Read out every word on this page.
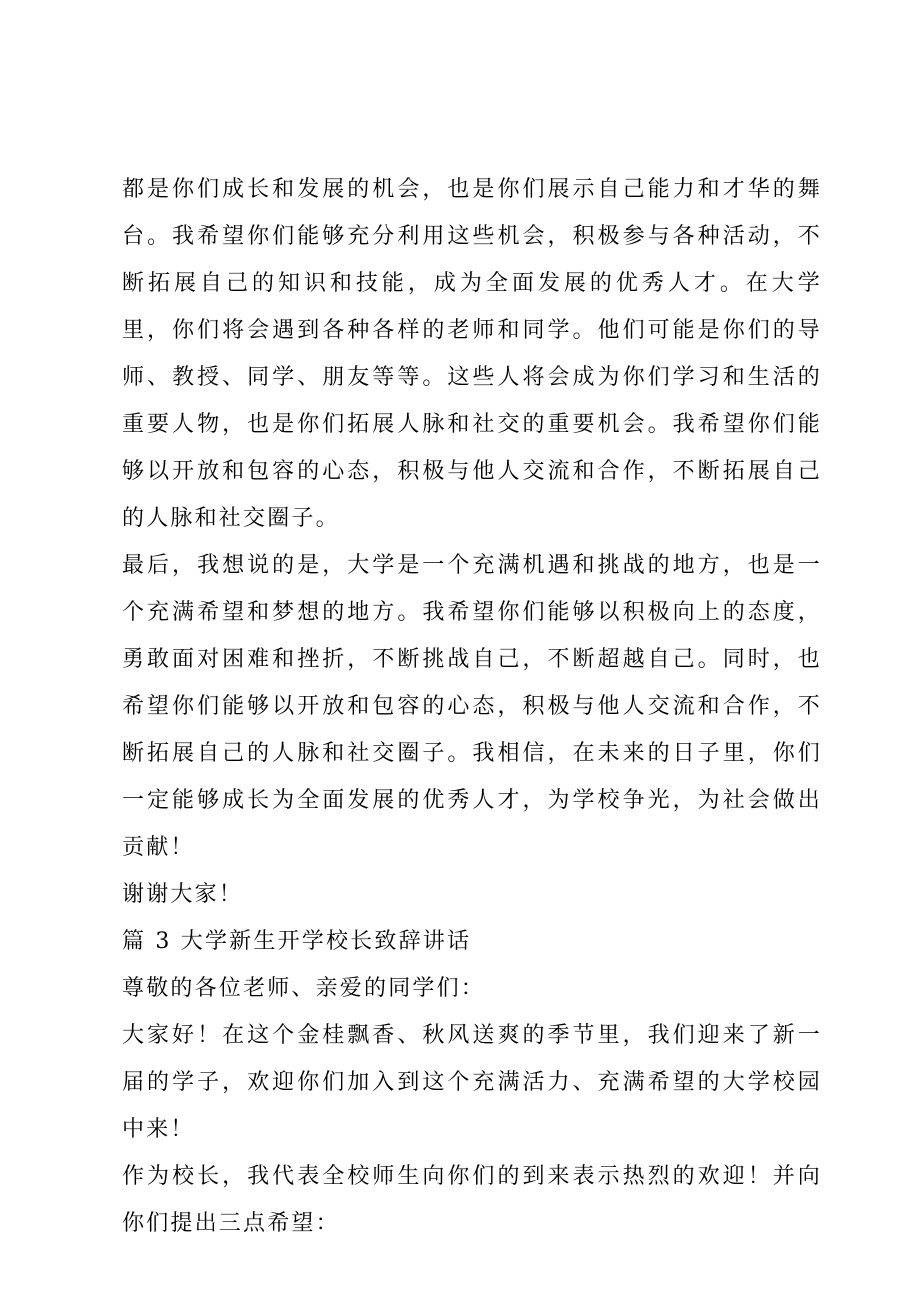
都是你们成长和发展的机会，也是你们展示自己能力和才华的舞台。我希望你们能够充分利用这些机会，积极参与各种活动，不断拓展自己的知识和技能，成为全面发展的优秀人才。在大学里，你们将会遇到各种各样的老师和同学。他们可能是你们的导师、教授、同学、朋友等等。这些人将会成为你们学习和生活的重要人物，也是你们拓展人脉和社交的重要机会。我希望你们能够以开放和包容的心态，积极与他人交流和合作，不断拓展自己的人脉和社交圈子。

最后，我想说的是，大学是一个充满机遇和挑战的地方，也是一个充满希望和梦想的地方。我希望你们能够以积极向上的态度，勇敢面对困难和挫折，不断挑战自己，不断超越自己。同时，也希望你们能够以开放和包容的心态，积极与他人交流和合作，不断拓展自己的人脉和社交圈子。我相信，在未来的日子里，你们一定能够成长为全面发展的优秀人才，为学校争光，为社会做出贡献！

谢谢大家！

篇 3 大学新生开学校长致辞讲话

尊敬的各位老师、亲爱的同学们：

大家好！在这个金桂飘香、秋风送爽的季节里，我们迎来了新一届的学子，欢迎你们加入到这个充满活力、充满希望的大学校园中来！

作为校长，我代表全校师生向你们的到来表示热烈的欢迎！并向你们提出三点希望：
